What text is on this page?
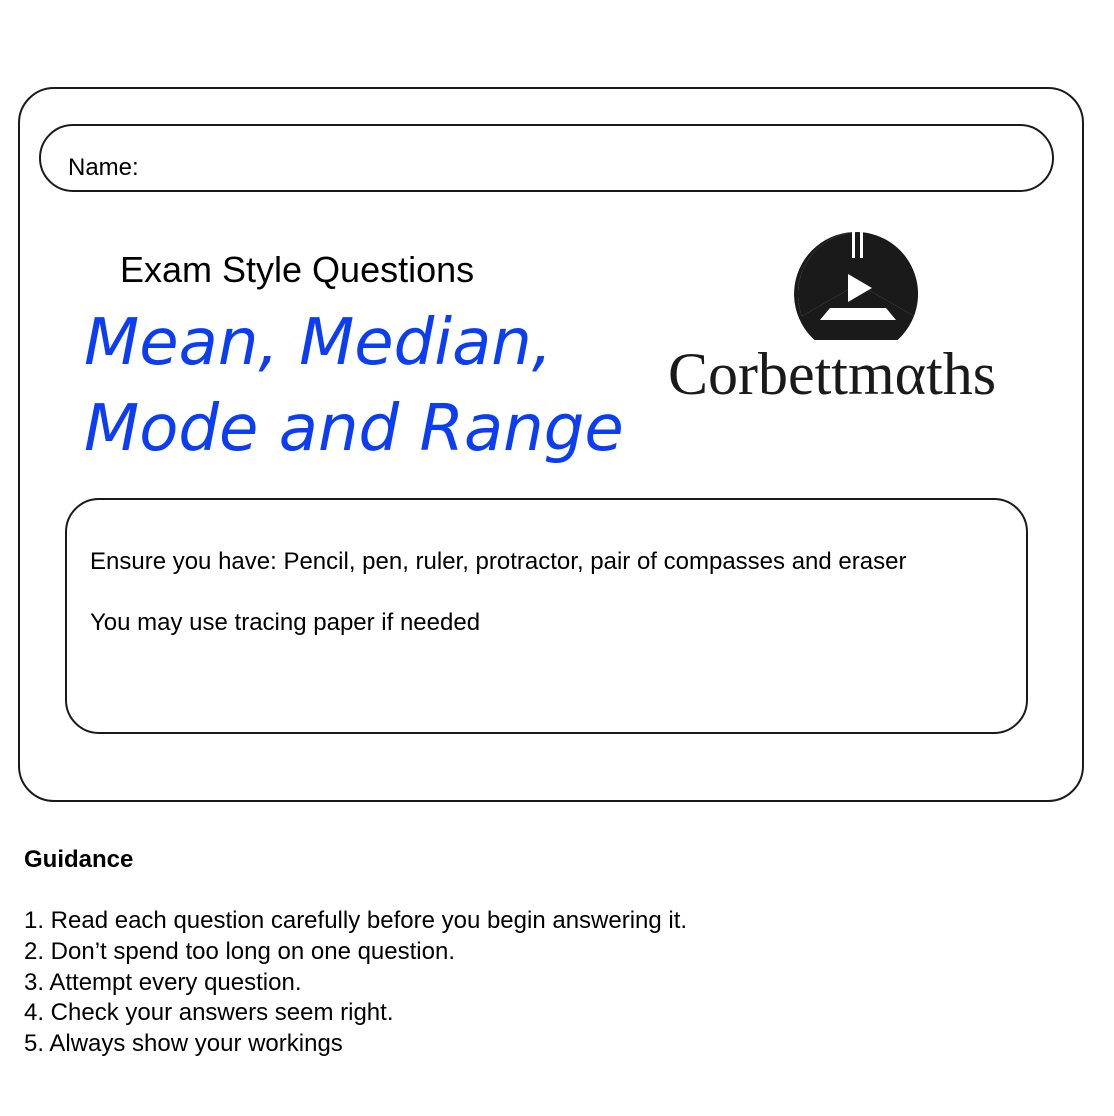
Name:
Exam Style Questions
Mean, Median,
Mode and Range
Corbettmαths
Ensure you have: Pencil, pen, ruler, protractor, pair of compasses and eraser
You may use tracing paper if needed
Guidance
1. Read each question carefully before you begin answering it.
2. Don’t spend too long on one question.
3. Attempt every question.
4. Check your answers seem right.
5. Always show your workings
